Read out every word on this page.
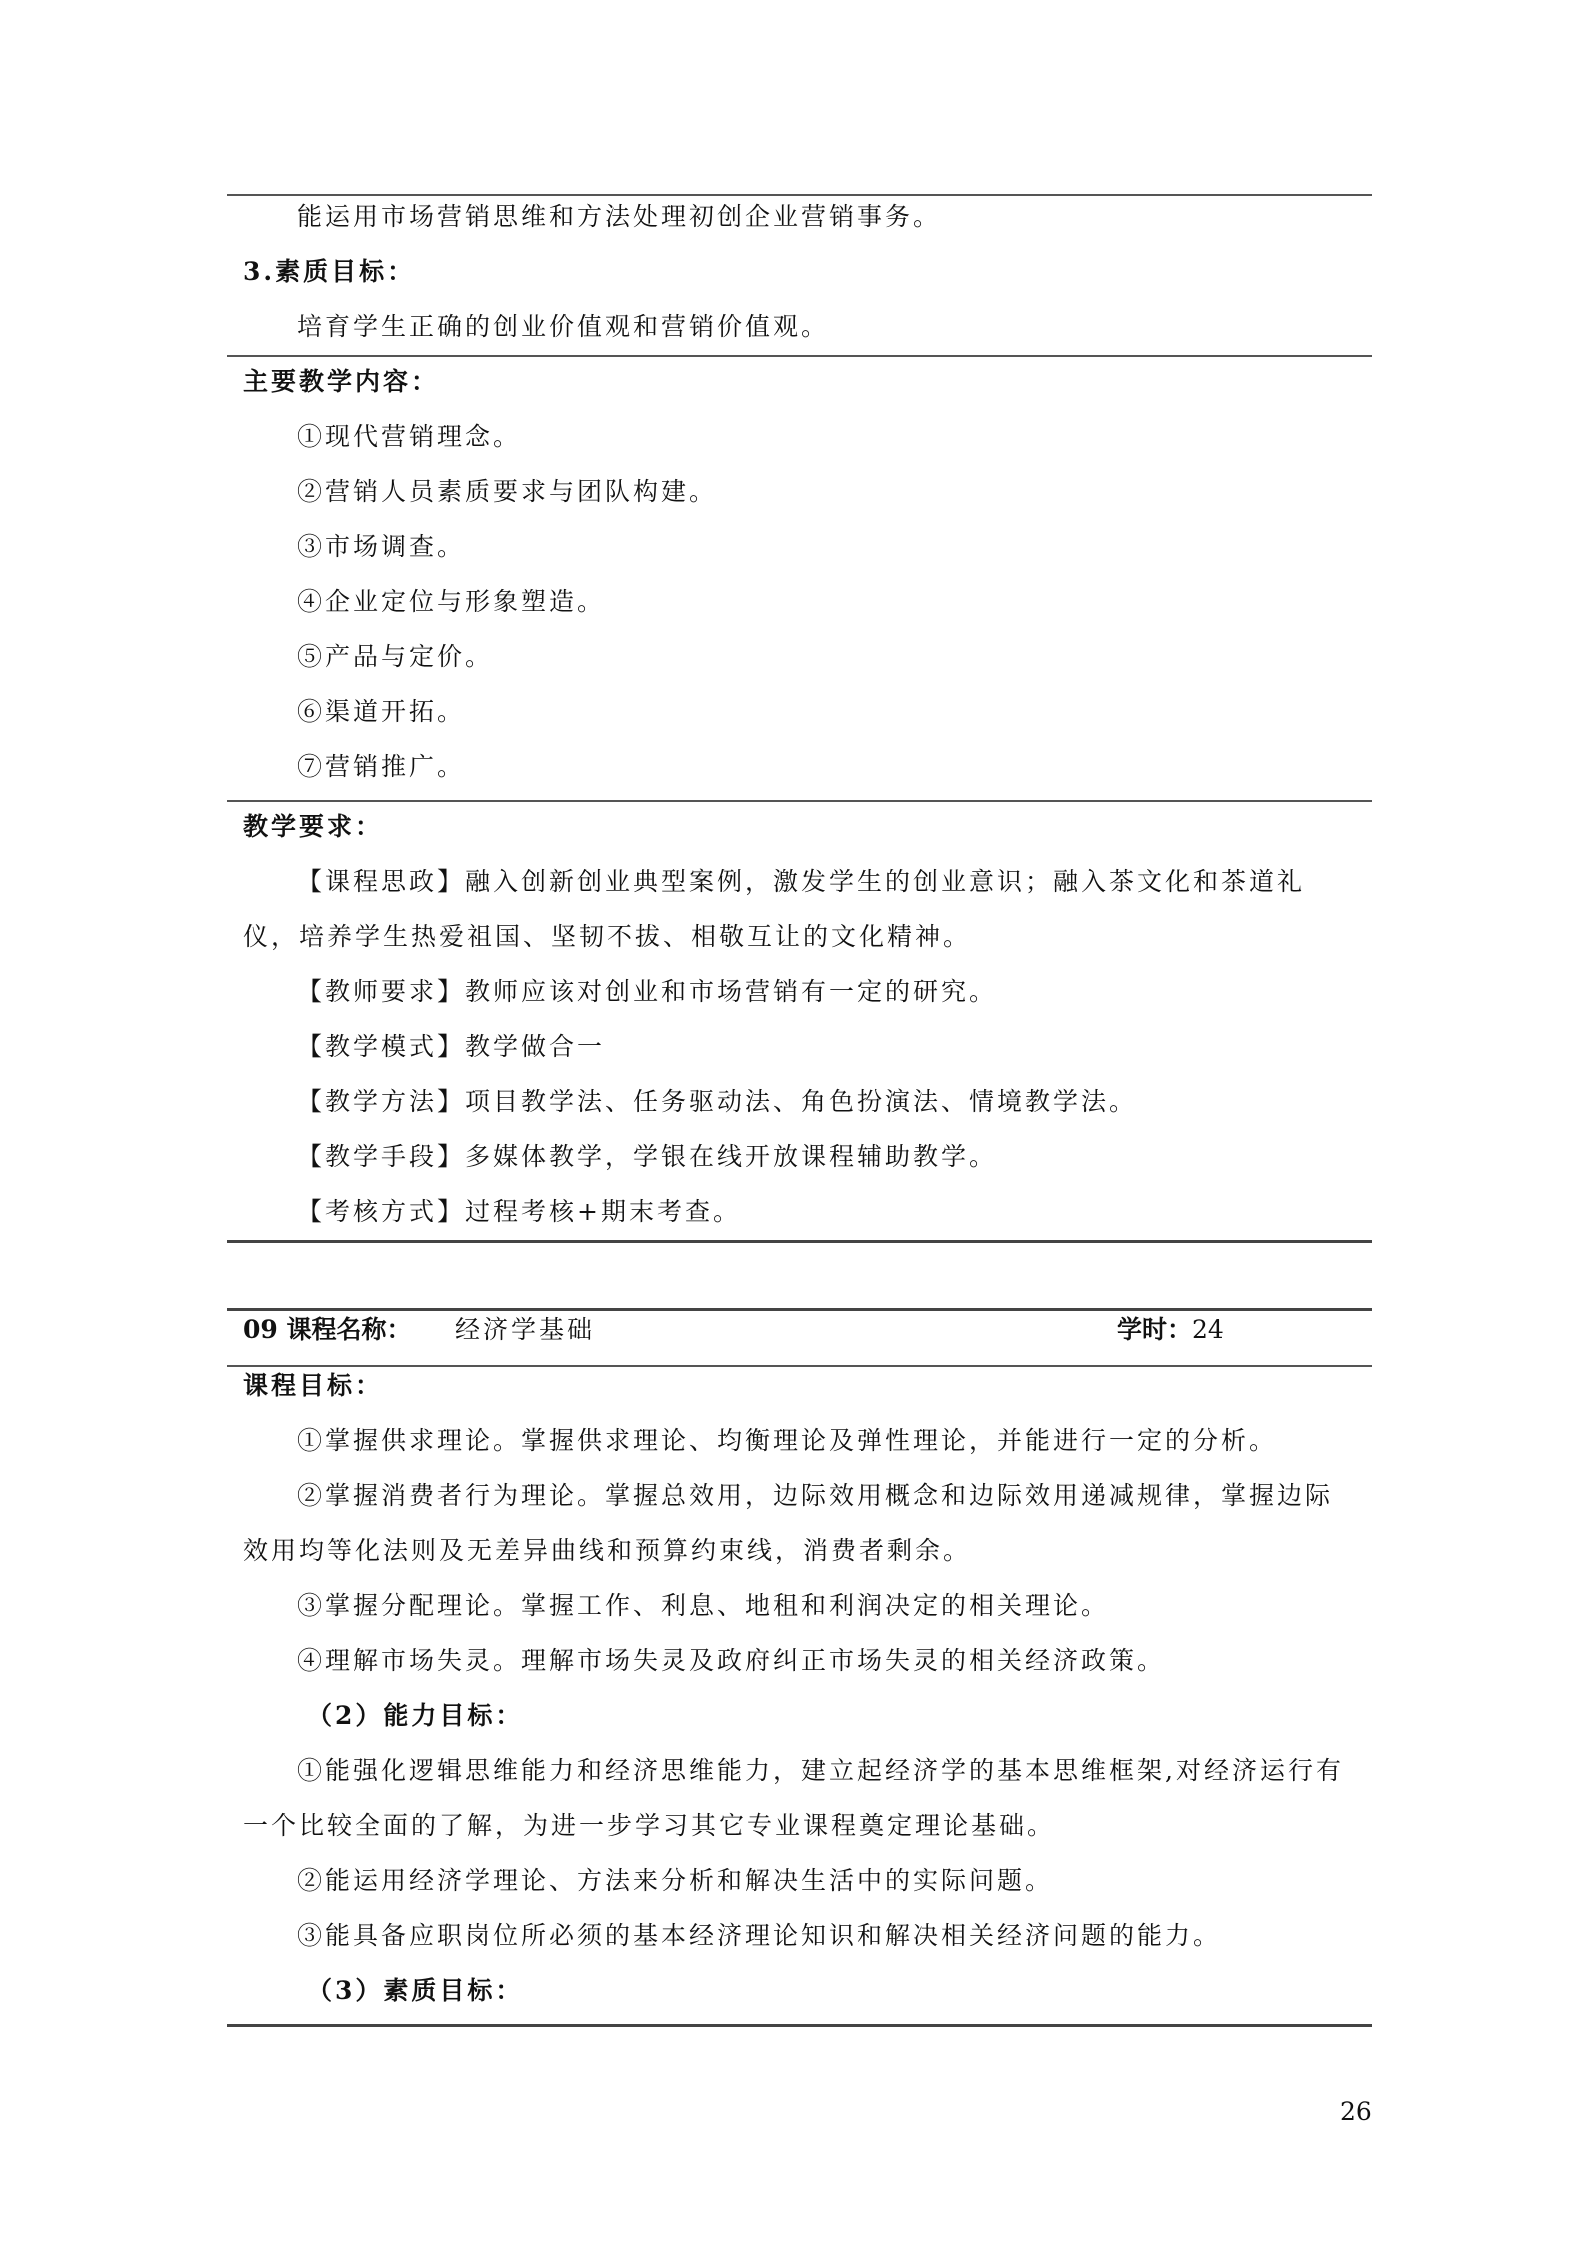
能运用市场营销思维和方法处理初创企业营销事务。
3.素质目标：
培育学生正确的创业价值观和营销价值观。
主要教学内容：
①现代营销理念。
②营销人员素质要求与团队构建。
③市场调查。
④企业定位与形象塑造。
⑤产品与定价。
⑥渠道开拓。
⑦营销推广。
教学要求：
【课程思政】融入创新创业典型案例，激发学生的创业意识；融入茶文化和茶道礼
仪，培养学生热爱祖国、坚韧不拔、相敬互让的文化精神。
【教师要求】教师应该对创业和市场营销有一定的研究。
【教学模式】教学做合一
【教学方法】项目教学法、任务驱动法、角色扮演法、情境教学法。
【教学手段】多媒体教学，学银在线开放课程辅助教学。
【考核方式】过程考核+期末考查。
09 课程名称： 经济学基础	学时：24
课程目标：
①掌握供求理论。掌握供求理论、均衡理论及弹性理论，并能进行一定的分析。
②掌握消费者行为理论。掌握总效用，边际效用概念和边际效用递减规律，掌握边际
效用均等化法则及无差异曲线和预算约束线，消费者剩余。
③掌握分配理论。掌握工作、利息、地租和利润决定的相关理论。
④理解市场失灵。理解市场失灵及政府纠正市场失灵的相关经济政策。
（2）能力目标：
①能强化逻辑思维能力和经济思维能力，建立起经济学的基本思维框架,对经济运行有
一个比较全面的了解，为进一步学习其它专业课程奠定理论基础。
②能运用经济学理论、方法来分析和解决生活中的实际问题。
③能具备应职岗位所必须的基本经济理论知识和解决相关经济问题的能力。
（3）素质目标：
26
